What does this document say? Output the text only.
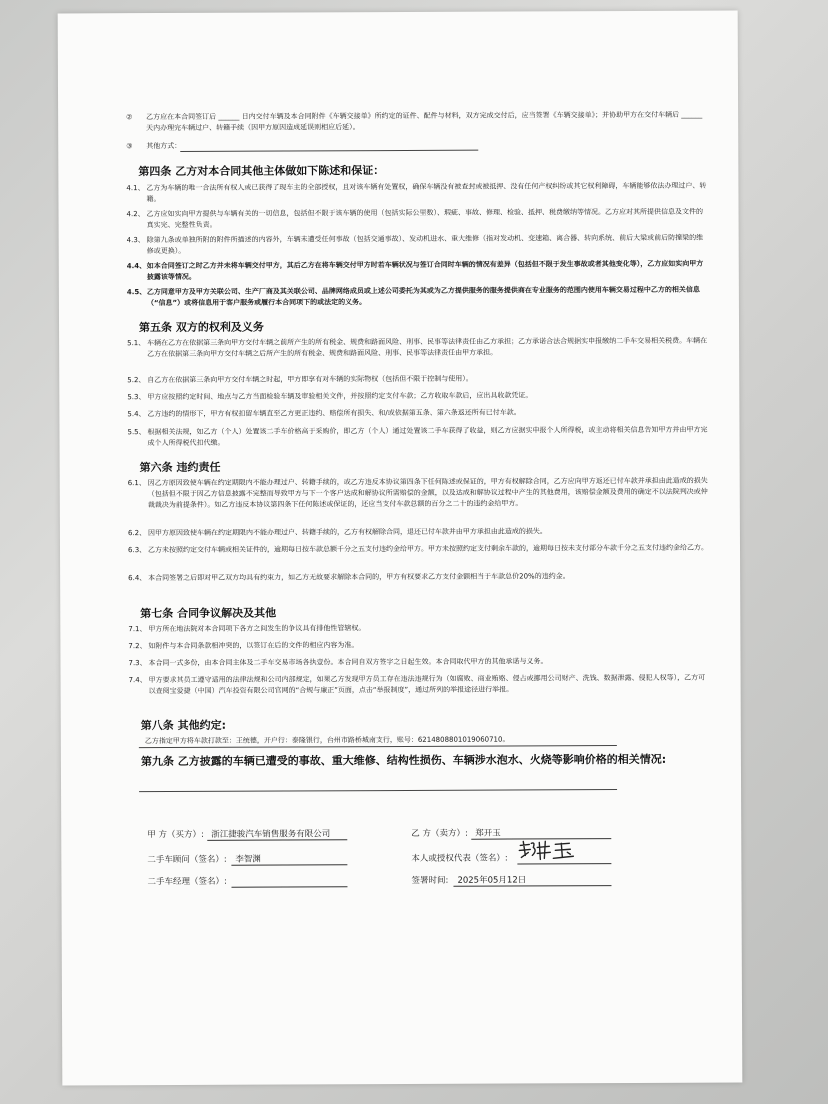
② 乙方应在本合同签订后 ______ 日内交付车辆及本合同附件《车辆交接单》所约定的证件、配件与材料，双方完成交付后，应当签署《车辆交接单》；并协助甲方在交付车辆后 ______ 天内办理完车辆过户、转籍手续（因甲方原因造成延误则相应后延）。
③ 其他方式：
第四条 乙方对本合同其他主体做如下陈述和保证：
4.1、 乙方为车辆的唯一合法所有权人或已获得了现车主的全部授权，且对该车辆有处置权，确保车辆没有被查封或被抵押、没有任何产权纠纷或其它权利障碍，车辆能够依法办理过户、转籍。
4.2、 乙方应如实向甲方提供与车辆有关的一切信息，包括但不限于该车辆的使用（包括实际公里数）、瑕疵、事故、修理、检验、抵押、税费缴纳等情况。乙方应对其所提供信息及文件的真实完、完整性负责。
4.3、 除第九条或单独所附的附件所描述的内容外，车辆未遭受任何事故（包括交通事故）、发动机进水、重大维修（指对发动机、变速箱、离合器、转向系统、前后大梁或前后防撞梁的维修或更换）。
4.4、 如本合同签订之时乙方并未将车辆交付甲方，其后乙方在将车辆交付甲方时若车辆状况与签订合同时车辆的情况有差异（包括但不限于发生事故或者其他变化等），乙方应如实向甲方披露该等情况。
4.5、 乙方同意甲方及甲方关联公司、生产厂商及其关联公司、品牌网络成员或上述公司委托为其或为乙方提供服务的服务提供商在专业服务的范围内使用车辆交易过程中乙方的相关信息（“信息”）或将信息用于客户服务或履行本合同项下的或法定的义务。
第五条 双方的权利及义务
5.1、 车辆在乙方在依据第三条向甲方交付车辆之前所产生的所有税金、规费和路面风险、刑事、民事等法律责任由乙方承担；乙方承诺合法合规据实申报缴纳二手车交易相关税费。车辆在乙方在依据第三条向甲方交付车辆之后所产生的所有税金、规费和路面风险、刑事、民事等法律责任由甲方承担。
5.2、 自乙方在依据第三条向甲方交付车辆之时起，甲方即享有对车辆的实际物权（包括但不限于控制与使用）。
5.3、 甲方应按照约定时间、地点与乙方当面检验车辆及审验相关文件，并按照约定支付车款；乙方收取车款后，应出具收款凭证。
5.4、 乙方违约的情形下，甲方有权扣留车辆直至乙方更正违约、赔偿所有损失、和/或依据第五条、第六条返还所有已付车款。
5.5、 根据相关法规，如乙方（个人）处置该二手车价格高于采购价，即乙方（个人）通过处置该二手车获得了收益，则乙方应据实申报个人所得税，或主动将相关信息告知甲方并由甲方完成个人所得税代扣代缴。
第六条 违约责任
6.1、 因乙方原因致使车辆在约定期限内不能办理过户、转籍手续的，或乙方违反本协议第四条下任何陈述或保证的，甲方有权解除合同，乙方应向甲方返还已付车款并承担由此造成的损失（包括但不限于因乙方信息披露不完整而导致甲方与下一个客户达成和解协议所需赔偿的金额，以及达成和解协议过程中产生的其他费用，该赔偿金额及费用的确定不以法院判决或仲裁裁决为前提条件）。如乙方违反本协议第四条下任何陈述或保证的，还应当支付车款总额的百分之二十的违约金给甲方。
6.2、 因甲方原因致使车辆在约定期限内不能办理过户、转籍手续的，乙方有权解除合同，退还已付车款并由甲方承担由此造成的损失。
6.3、 乙方未按照约定交付车辆或相关证件的，逾期每日按车款总额千分之五支付违约金给甲方。甲方未按照约定支付剩余车款的，逾期每日按未支付部分车款千分之五支付违约金给乙方。
6.4、 本合同签署之后即对甲乙双方均具有约束力，如乙方无故要求解除本合同的，甲方有权要求乙方支付金额相当于车款总价20%的违约金。
第七条 合同争议解决及其他
7.1、 甲方所在地法院对本合同项下各方之间发生的争议具有排他性管辖权。
7.2、 如附件与本合同条款相冲突的，以签订在后的文件的相应内容为准。
7.3、 本合同一式多份，由本合同主体及二手车交易市场各执壹份。本合同自双方签字之日起生效。本合同取代甲方的其他承诺与义务。
7.4、 甲方要求其员工遵守适用的法律法规和公司内部规定，如果乙方发现甲方员工存在违法违规行为（如腐败、商业贿赂、侵占或挪用公司财产、洗钱、数据泄露、侵犯人权等），乙方可以查阅宝爱捷（中国）汽车投资有限公司官网的“合规与廉正”页面，点击“举报制度”，通过所列的举报途径进行举报。
第八条 其他约定:
乙方指定甲方将车款打款至：王统德，开户行：泰隆银行，台州市路桥城南支行，账号：6214808801019060710。
第九条 乙方披露的车辆已遭受的事故、重大维修、结构性损伤、车辆涉水泡水、火烧等影响价格的相关情况:
甲 方（买方）: 浙江捷骏汽车销售服务有限公司
二手车顾问（签名）: 李智渊
二手车经理（签名）:
乙 方（卖方）: 郑开玉
本人或授权代表（签名）:
签署时间: 2025年05月12日
